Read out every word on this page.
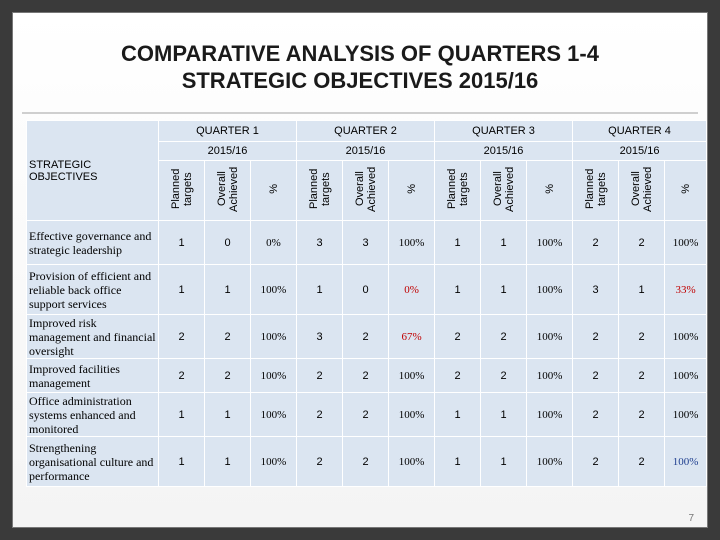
COMPARATIVE ANALYSIS OF QUARTERS 1-4
STRATEGIC OBJECTIVES 2015/16
STRATEGIC OBJECTIVES	QUARTER 1			QUARTER 2			QUARTER 3			QUARTER 4		
	2015/16			2015/16			2015/16			2015/16		
	Planned targets	Overall Achieved	%	Planned targets	Overall Achieved	%	Planned targets	Overall Achieved	%	Planned targets	Overall Achieved	%
Effective governance and strategic leadership	1	0	0%	3	3	100%	1	1	100%	2	2	100%
Provision of efficient and reliable back office support services	1	1	100%	1	0	0%	1	1	100%	3	1	33%
Improved risk management and financial oversight	2	2	100%	3	2	67%	2	2	100%	2	2	100%
Improved facilities management	2	2	100%	2	2	100%	2	2	100%	2	2	100%
Office administration systems enhanced and monitored	1	1	100%	2	2	100%	1	1	100%	2	2	100%
Strengthening organisational culture and performance	1	1	100%	2	2	100%	1	1	100%	2	2	100%
7
